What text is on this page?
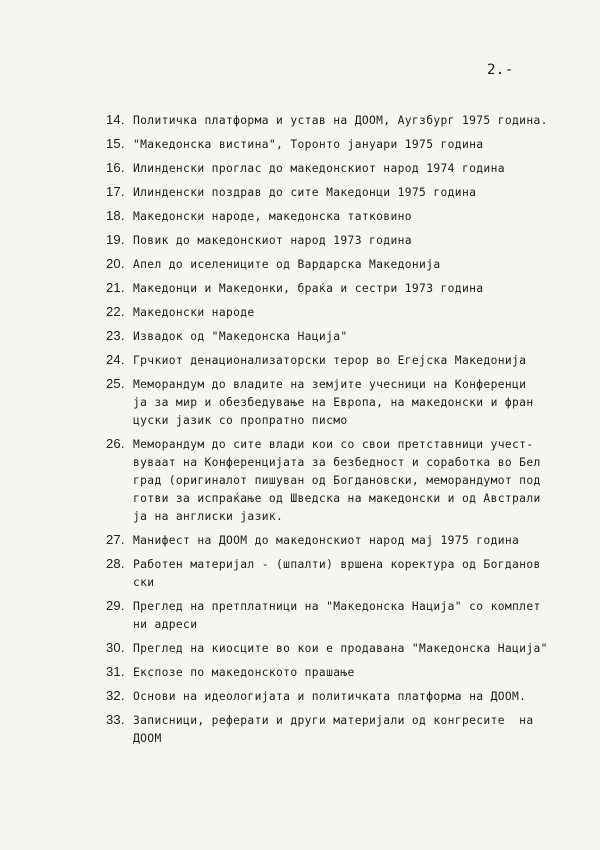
2.-
14. Политичка платформа и устав на ДООМ, Аугзбург 1975 година.
15. "Македонска вистина", Торонто јануари 1975 година
16. Илинденски проглас до македонскиот народ 1974 година
17. Илинденски поздрав до сите Македонци 1975 година
18. Македонски народе, македонска татковино
19. Повик до македонскиот народ 1973 година
20. Апел до иселениците од Вардарска Македонија
21. Македонци и Македонки, браќа и сестри 1973 година
22. Македонски народе
23. Извадок од "Македонска Нација"
24. Грчкиот денационализаторски терор во Егејска Македонија
25. Меморандум до владите на земјите учесници на Конференци
ја за мир и обезбедување на Европа, на македонски и фран
цуски јазик со пропратно писмо
26. Меморандум до сите влади кои со свои претставници учест-
вуваат на Конференцијата за безбедност и соработка во Бел
град (оригиналот пишуван од Богдановски, меморандумот под
готви за испраќање од Шведска на македонски и од Австрали
ја на англиски јазик.
27. Манифест на ДООМ до македонскиот народ мај 1975 година
28. Работен материјал - (шпалти) вршена коректура од Богданов
ски
29. Преглед на претплатници на "Македонска Нација" со комплет
ни адреси
30. Преглед на киосците во кои е продавана "Македонска Нација"
31. Експозе по македонското прашање
32. Основи на идеологијата и политичката платформа на ДООМ.
33. Записници, реферати и други материјали од конгресите  на
ДООМ
